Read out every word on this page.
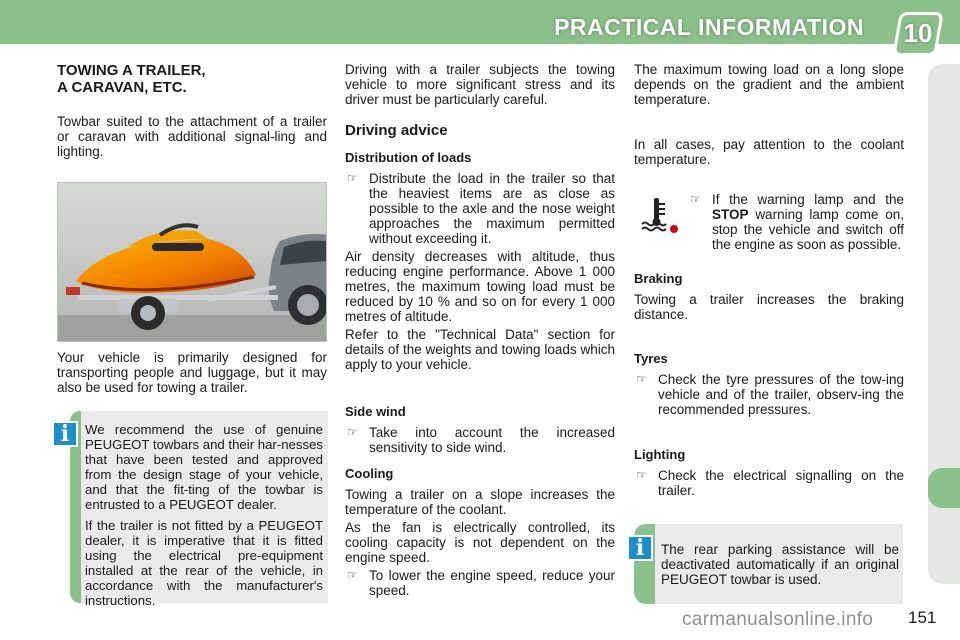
PRACTICAL INFORMATION 10
TOWING A TRAILER,
A CARAVAN, ETC.

Towbar suited to the attachment of a trailer or caravan with additional signal-ling and lighting.

Your vehicle is primarily designed for transporting people and luggage, but it may also be used for towing a trailer.

We recommend the use of genuine PEUGEOT towbars and their har-nesses that have been tested and approved from the design stage of your vehicle, and that the fit-ting of the towbar is entrusted to a PEUGEOT dealer.

If the trailer is not fitted by a PEUGEOT dealer, it is imperative that it is fitted using the electrical pre-equipment installed at the rear of the vehicle, in accordance with the manufacturer's instructions.

i

Driving with a trailer subjects the towing vehicle to more significant stress and its driver must be particularly careful.

Driving advice
Distribution of loads
☞ Distribute the load in the trailer so that the heaviest items are as close as possible to the axle and the nose weight approaches the maximum permitted without exceeding it.

Air density decreases with altitude, thus reducing engine performance. Above 1 000 metres, the maximum towing load must be reduced by 10 % and so on for every 1 000 metres of altitude.

Refer to the "Technical Data" section for details of the weights and towing loads which apply to your vehicle.

Side wind
☞ Take into account the increased sensitivity to side wind.
Cooling

Towing a trailer on a slope increases the temperature of the coolant.

As the fan is electrically controlled, its cooling capacity is not dependent on the engine speed.

☞ To lower the engine speed, reduce your speed.

The maximum towing load on a long slope depends on the gradient and the ambient temperature.

In all cases, pay attention to the coolant temperature.

☞ If the warning lamp and the STOP warning lamp come on, stop the vehicle and switch off the engine as soon as possible.
Braking

Towing a trailer increases the braking distance.

Tyres
☞ Check the tyre pressures of the tow-ing vehicle and of the trailer, observ-ing the recommended pressures.
Lighting
☞ Check the electrical signalling on the trailer.

The rear parking assistance will be deactivated automatically if an original PEUGEOT towbar is used.

i
carmanualsonline.info 151
